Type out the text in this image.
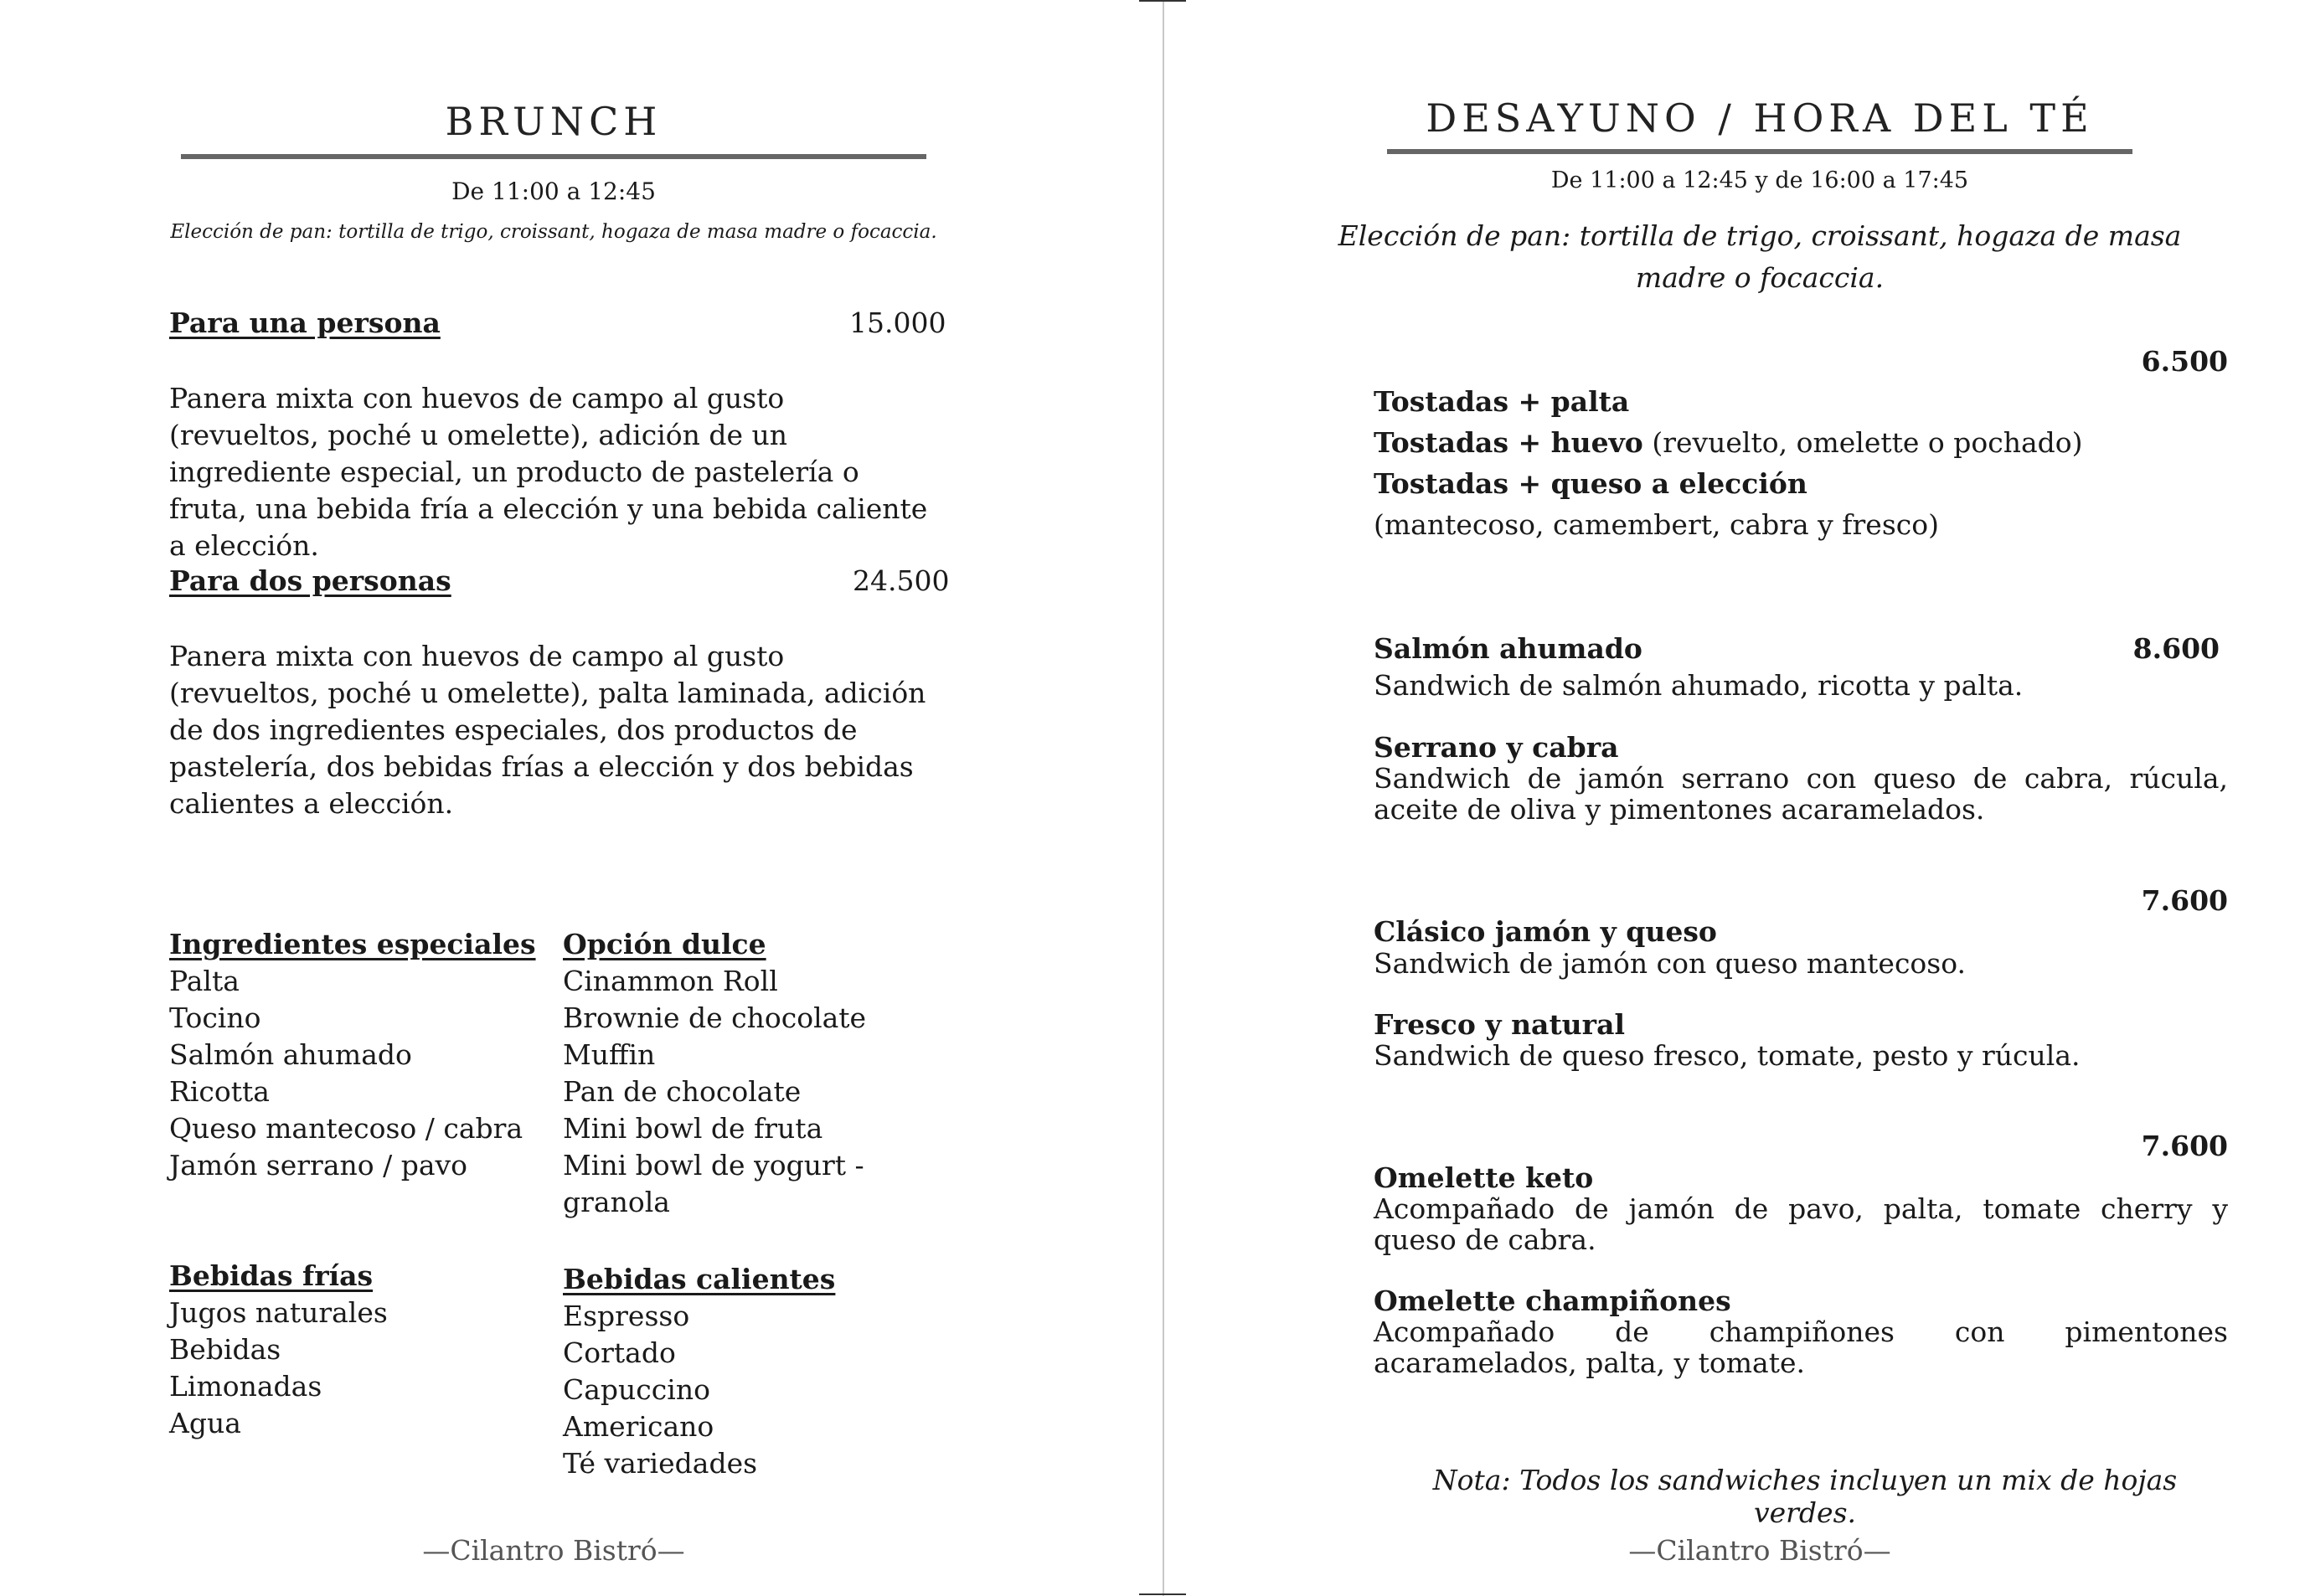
BRUNCH
De 11:00 a 12:45
Elección de pan: tortilla de trigo, croissant, hogaza de masa madre o focaccia.
Para una persona	15.000
Panera mixta con huevos de campo al gusto (revueltos, poché u omelette), adición de un ingrediente especial, un producto de pastelería o fruta, una bebida fría a elección y una bebida caliente a elección.
Para dos personas	24.500
Panera mixta con huevos de campo al gusto (revueltos, poché u omelette), palta laminada, adición de dos ingredientes especiales, dos productos de pastelería, dos bebidas frías a elección y dos bebidas calientes a elección.
Ingredientes especiales
Palta
Tocino
Salmón ahumado
Ricotta
Queso mantecoso / cabra
Jamón serrano / pavo
Opción dulce
Cinammon Roll
Brownie de chocolate
Muffin
Pan de chocolate
Mini bowl de fruta
Mini bowl de yogurt -
granola
Bebidas frías
Jugos naturales
Bebidas
Limonadas
Agua
Bebidas calientes
Espresso
Cortado
Capuccino
Americano
Té variedades
—Cilantro Bistró—
DESAYUNO / HORA DEL TÉ
De 11:00 a 12:45 y de 16:00 a 17:45
Elección de pan: tortilla de trigo, croissant, hogaza de masa
madre o focaccia.
6.500
Tostadas + palta
Tostadas + huevo (revuelto, omelette o pochado)
Tostadas + queso a elección
(mantecoso, camembert, cabra y fresco)
Salmón ahumado	8.600
Sandwich de salmón ahumado, ricotta y palta.
Serrano y cabra
Sandwich de jamón serrano con queso de cabra, rúcula,
aceite de oliva y pimentones acaramelados.
7.600
Clásico jamón y queso
Sandwich de jamón con queso mantecoso.
Fresco y natural
Sandwich de queso fresco, tomate, pesto y rúcula.
7.600
Omelette keto
Acompañado de jamón de pavo, palta, tomate cherry y
queso de cabra.
Omelette champiñones
Acompañado de champiñones con pimentones
acaramelados, palta, y tomate.
Nota: Todos los sandwiches incluyen un mix de hojas verdes.
—Cilantro Bistró—
